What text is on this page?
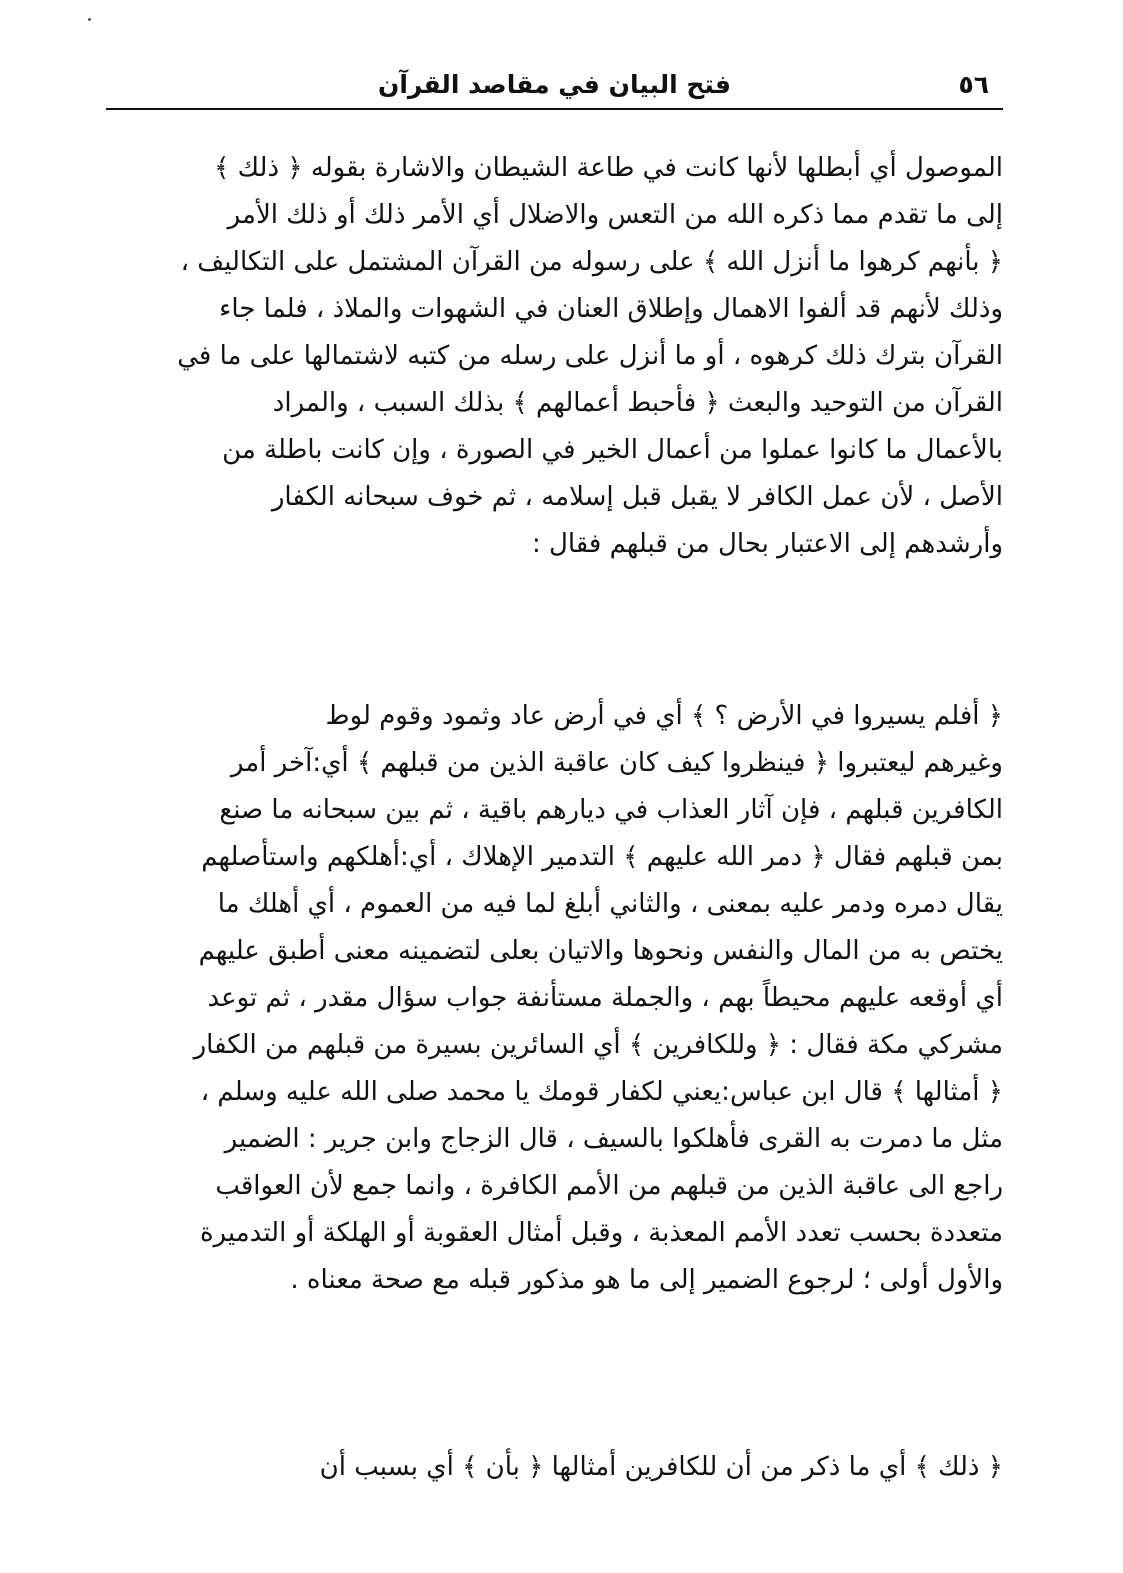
٥٦
فتح البيان في مقاصد القرآن
الموصول أي أبطلها لأنها كانت في طاعة الشيطان والاشارة بقوله ﴿ ذلك ﴾
إلى ما تقدم مما ذكره الله من التعس والاضلال أي الأمر ذلك أو ذلك الأمر
﴿ بأنهم كرهوا ما أنزل الله ﴾ على رسوله من القرآن المشتمل على التكاليف ،
وذلك لأنهم قد ألفوا الاهمال وإطلاق العنان في الشهوات والملاذ ، فلما جاء
القرآن بترك ذلك كرهوه ، أو ما أنزل على رسله من كتبه لاشتمالها على ما في
القرآن من التوحيد والبعث ﴿ فأحبط أعمالهم ﴾ بذلك السبب ، والمراد
بالأعمال ما كانوا عملوا من أعمال الخير في الصورة ، وإن كانت باطلة من
الأصل ، لأن عمل الكافر لا يقبل قبل إسلامه ، ثم خوف سبحانه الكفار
وأرشدهم إلى الاعتبار بحال من قبلهم فقال :
﴿ أفلم يسيروا في الأرض ؟ ﴾ أي في أرض عاد وثمود وقوم لوط
وغيرهم ليعتبروا ﴿ فينظروا كيف كان عاقبة الذين من قبلهم ﴾ أي:آخر أمر
الكافرين قبلهم ، فإن آثار العذاب في ديارهم باقية ، ثم بين سبحانه ما صنع
بمن قبلهم فقال ﴿ دمر الله عليهم ﴾ التدمير الإهلاك ، أي:أهلكهم واستأصلهم
يقال دمره ودمر عليه بمعنى ، والثاني أبلغ لما فيه من العموم ، أي أهلك ما
يختص به من المال والنفس ونحوها والاتيان بعلى لتضمينه معنى أطبق عليهم
أي أوقعه عليهم محيطاً بهم ، والجملة مستأنفة جواب سؤال مقدر ، ثم توعد
مشركي مكة فقال : ﴿ وللكافرين ﴾ أي السائرين بسيرة من قبلهم من الكفار
﴿ أمثالها ﴾ قال ابن عباس:يعني لكفار قومك يا محمد صلى الله عليه وسلم ،
مثل ما دمرت به القرى فأهلكوا بالسيف ، قال الزجاج وابن جرير : الضمير
راجع الى عاقبة الذين من قبلهم من الأمم الكافرة ، وانما جمع لأن العواقب
متعددة بحسب تعدد الأمم المعذبة ، وقبل أمثال العقوبة أو الهلكة أو التدميرة
والأول أولى ؛ لرجوع الضمير إلى ما هو مذكور قبله مع صحة معناه .
﴿ ذلك ﴾ أي ما ذكر من أن للكافرين أمثالها ﴿ بأن ﴾ أي بسبب أن
